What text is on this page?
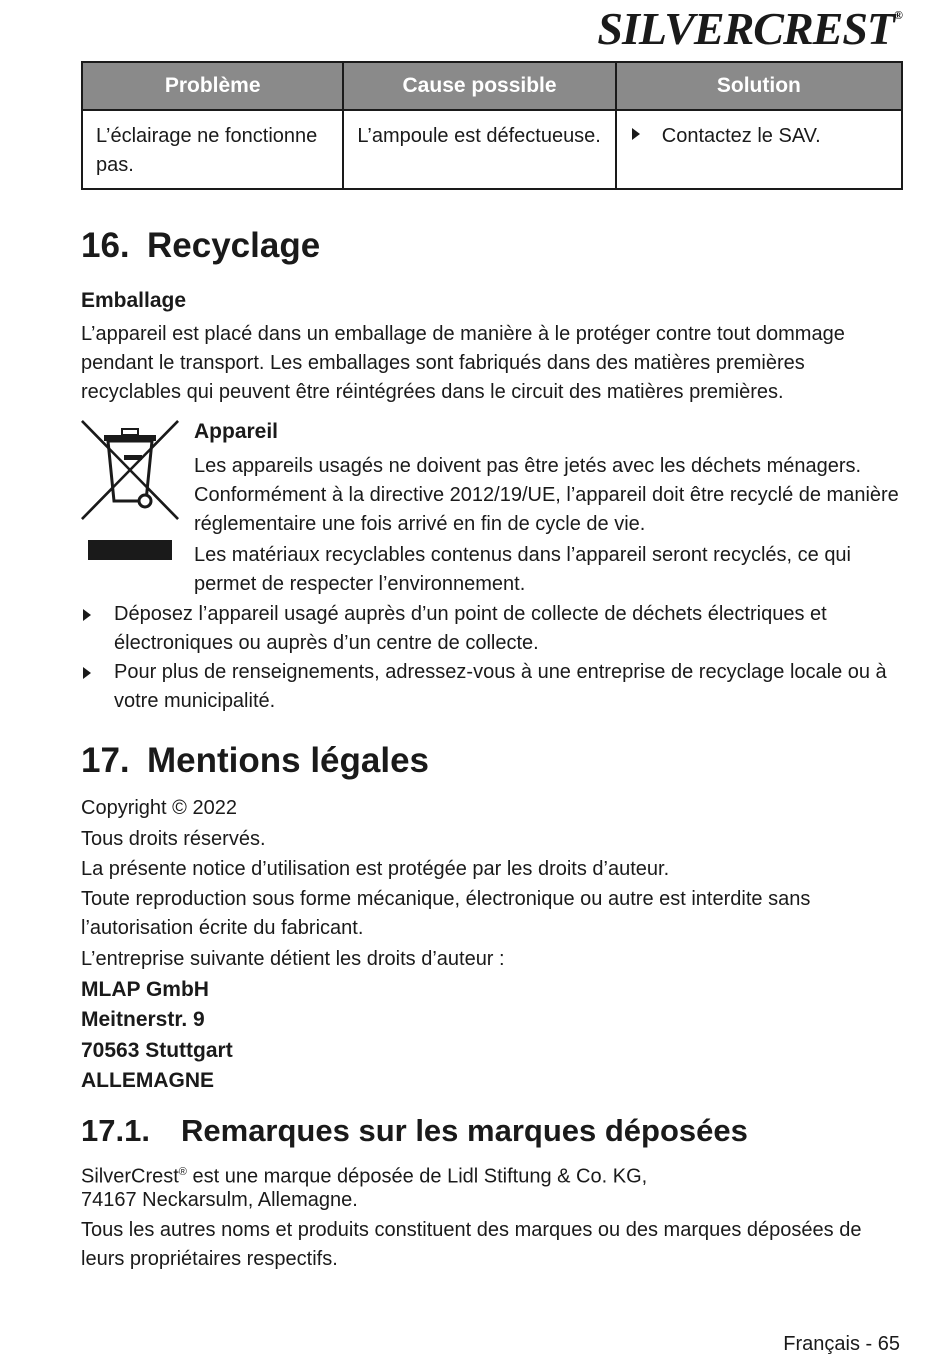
SILVERCREST®
Problème	Cause possible	Solution
L’éclairage ne fonctionne pas.	L’ampoule est défectueuse.	Contactez le SAV.
16. Recyclage
Emballage

L’appareil est placé dans un emballage de manière à le protéger contre tout dommage pendant le transport. Les emballages sont fabriqués dans des matières premières recyclables qui peuvent être réintégrées dans le circuit des matières premières.

Appareil

Les appareils usagés ne doivent pas être jetés avec les déchets ménagers. Conformément à la directive 2012/19/UE, l’appareil doit être recyclé de manière réglementaire une fois arrivé en fin de cycle de vie.

Les matériaux recyclables contenus dans l’appareil seront recyclés, ce qui permet de respecter l’environnement.

Déposez l’appareil usagé auprès d’un point de collecte de déchets électriques et électroniques ou auprès d’un centre de collecte.
Pour plus de renseignements, adressez-vous à une entreprise de recyclage locale ou à votre municipalité.
17. Mentions légales
Copyright © 2022
Tous droits réservés.
La présente notice d’utilisation est protégée par les droits d’auteur.
Toute reproduction sous forme mécanique, électronique ou autre est interdite sans l’autorisation écrite du fabricant.
L’entreprise suivante détient les droits d’auteur :
MLAP GmbH
Meitnerstr. 9
70563 Stuttgart
ALLEMAGNE
17.1. Remarques sur les marques déposées
SilverCrest® est une marque déposée de Lidl Stiftung & Co. KG,
74167 Neckarsulm, Allemagne.

Tous les autres noms et produits constituent des marques ou des marques déposées de leurs propriétaires respectifs.

Français - 65
